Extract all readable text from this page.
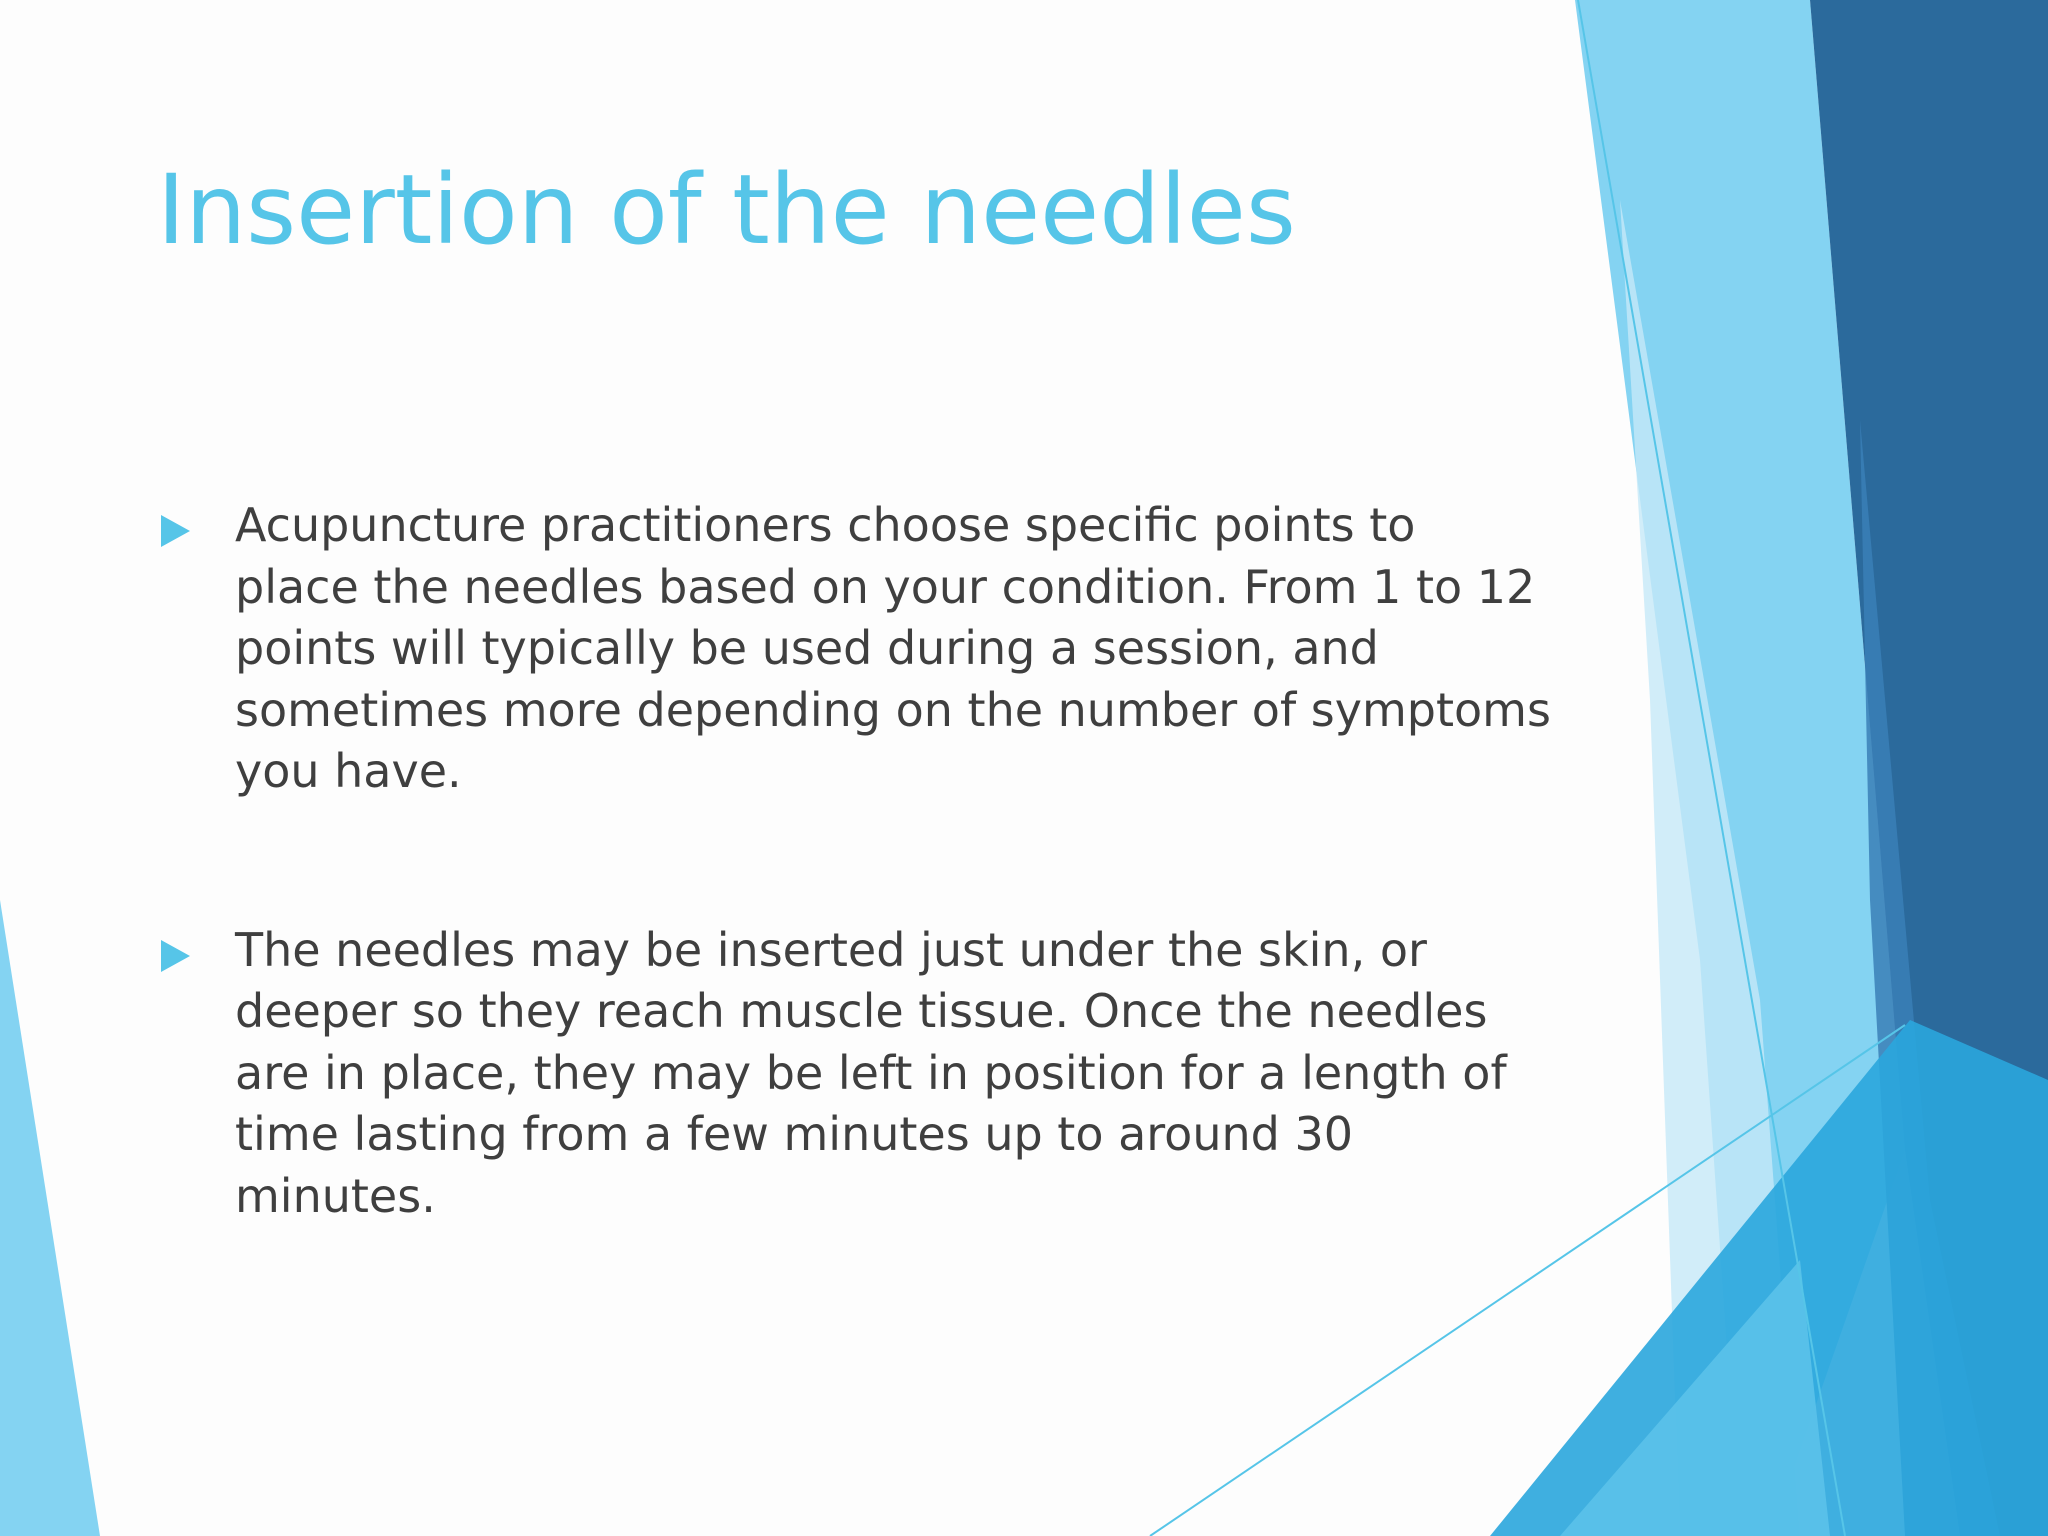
Insertion of the needles
Acupuncture practitioners choose specific points to place the needles based on your condition. From 1 to 12 points will typically be used during a session, and sometimes more depending on the number of symptoms you have.
The needles may be inserted just under the skin, or deeper so they reach muscle tissue. Once the needles are in place, they may be left in position for a length of time lasting from a few minutes up to around 30 minutes.
